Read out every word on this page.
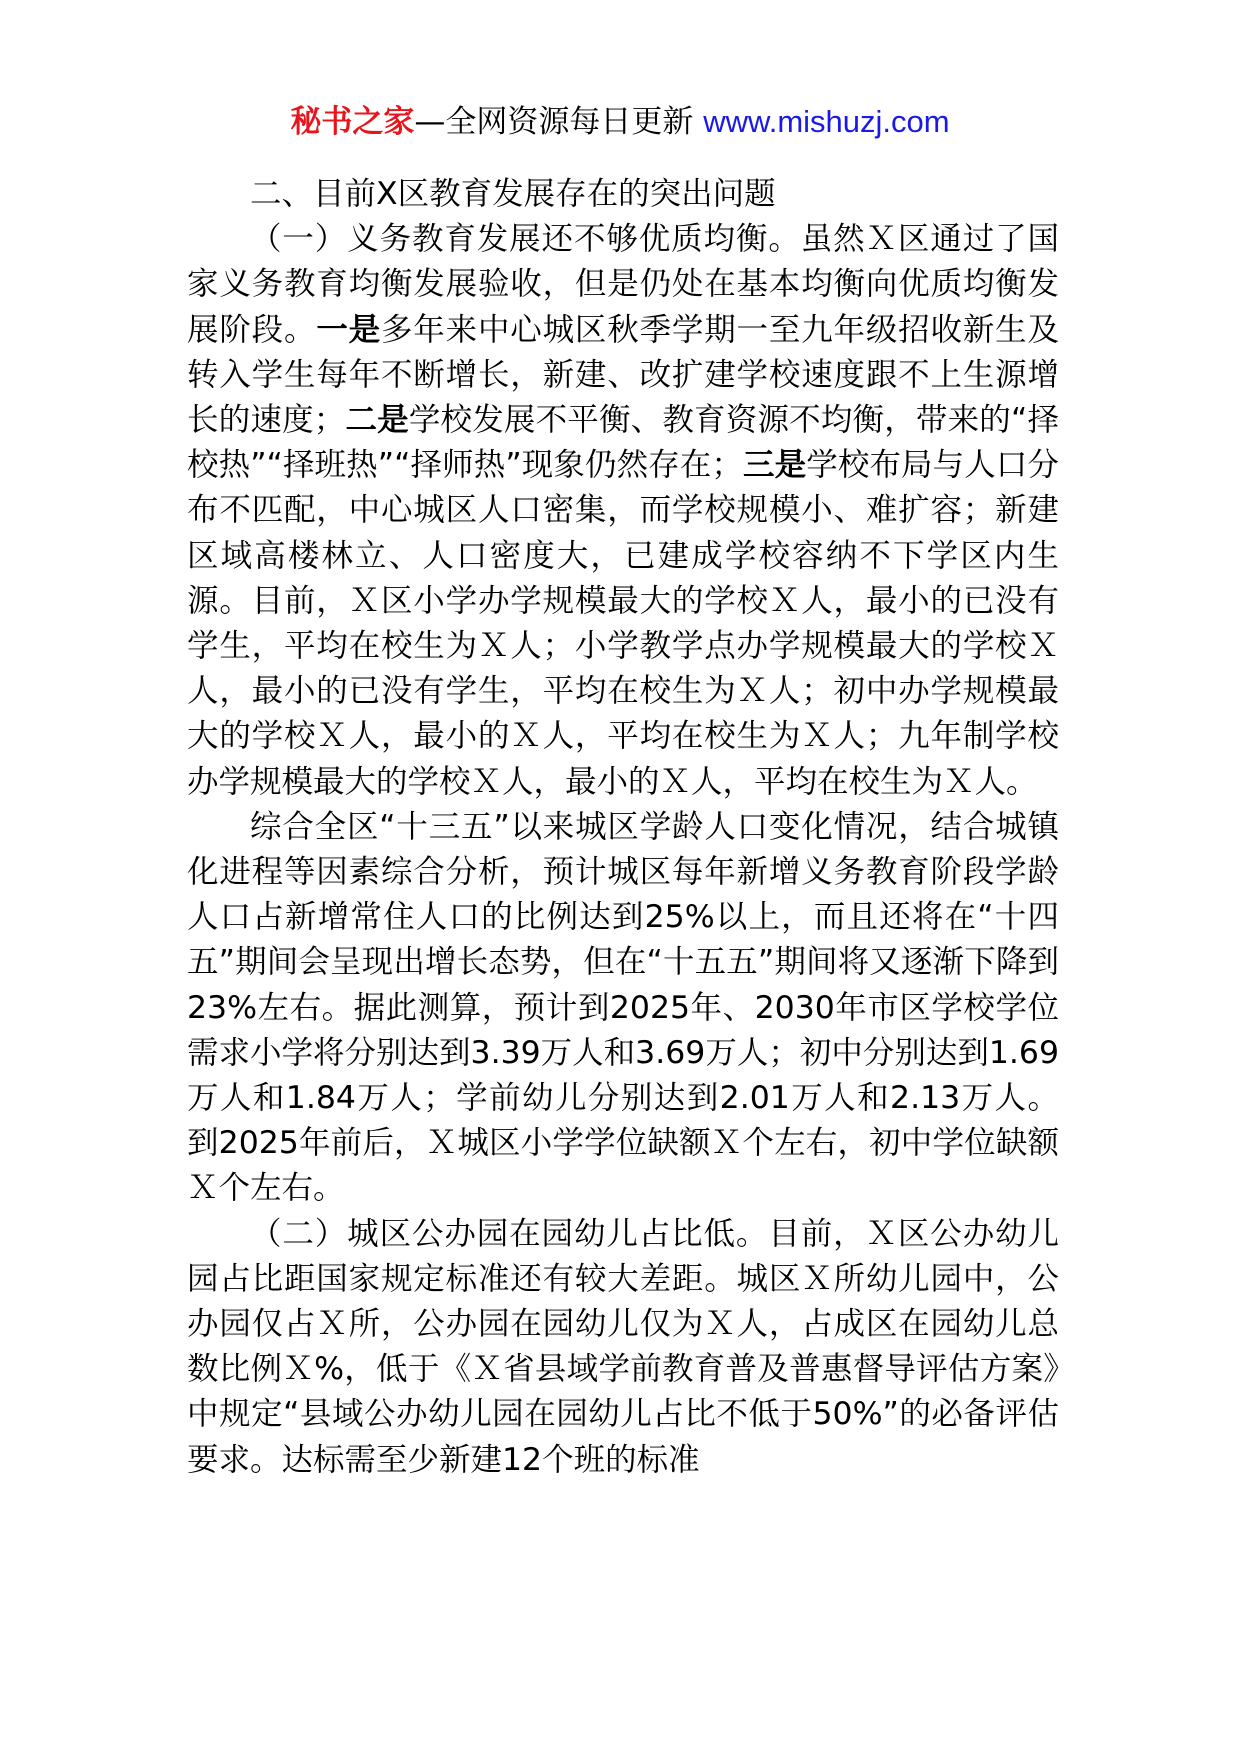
秘书之家—全网资源每日更新 www.mishuzj.com

二、目前Ⅹ区教育发展存在的突出问题

（一）义务教育发展还不够优质均衡。虽然Ｘ区通过了国家义务教育均衡发展验收，但是仍处在基本均衡向优质均衡发展阶段。一是多年来中心城区秋季学期一至九年级招收新生及转入学生每年不断增长，新建、改扩建学校速度跟不上生源增长的速度；二是学校发展不平衡、教育资源不均衡，带来的“择校热”“择班热”“择师热”现象仍然存在；三是学校布局与人口分布不匹配，中心城区人口密集，而学校规模小、难扩容；新建区域高楼林立、人口密度大，已建成学校容纳不下学区内生源。目前，Ｘ区小学办学规模最大的学校Ｘ人，最小的已没有学生，平均在校生为Ｘ人；小学教学点办学规模最大的学校Ｘ人，最小的已没有学生，平均在校生为Ｘ人；初中办学规模最大的学校Ｘ人，最小的Ｘ人，平均在校生为Ｘ人；九年制学校办学规模最大的学校Ｘ人，最小的Ｘ人，平均在校生为Ｘ人。

综合全区“十三五”以来城区学龄人口变化情况，结合城镇化进程等因素综合分析，预计城区每年新增义务教育阶段学龄人口占新增常住人口的比例达到25%以上，而且还将在“十四五”期间会呈现出增长态势，但在“十五五”期间将又逐渐下降到23%左右。据此测算，预计到2025年、2030年市区学校学位需求小学将分别达到3.39万人和3.69万人；初中分别达到1.69万人和1.84万人；学前幼儿分别达到2.01万人和2.13万人。 到2025年前后，Ｘ城区小学学位缺额Ｘ个左右，初中学位缺额Ｘ个左右。

（二）城区公办园在园幼儿占比低。目前，Ｘ区公办幼儿园占比距国家规定标准还有较大差距。城区Ｘ所幼儿园中，公办园仅占Ｘ所，公办园在园幼儿仅为Ｘ人，占成区在园幼儿总数比例Ｘ%，低于《Ｘ省县域学前教育普及普惠督导评估方案》中规定“县域公办幼儿园在园幼儿占比不低于50%”的必备评估要求。达标需至少新建12个班的标准
